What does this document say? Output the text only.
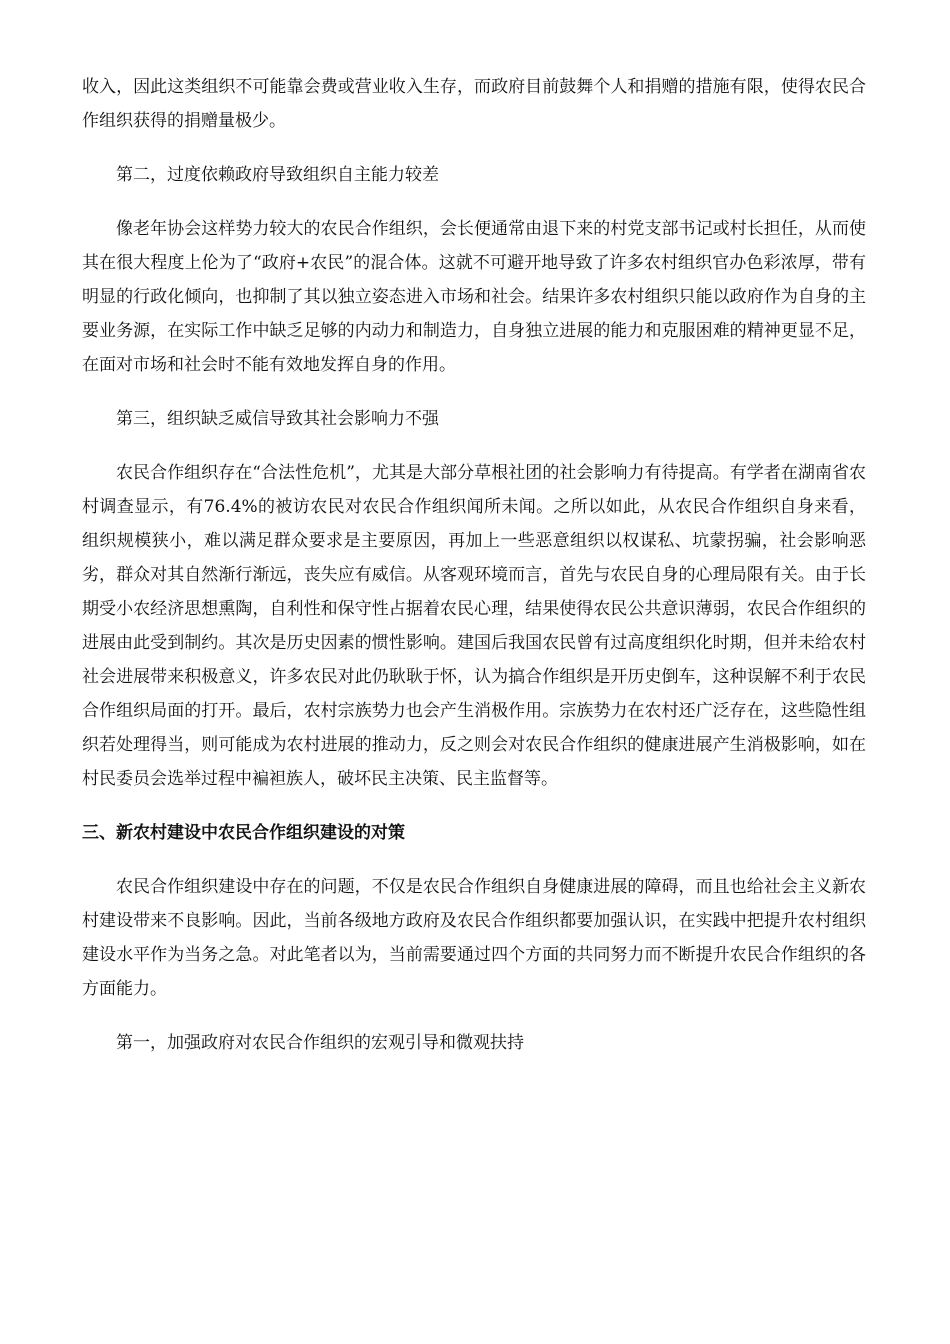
收入，因此这类组织不可能靠会费或营业收入生存，而政府目前鼓舞个人和捐赠的措施有限，使得农民合作组织获得的捐赠量极少。

第二，过度依赖政府导致组织自主能力较差

像老年协会这样势力较大的农民合作组织，会长便通常由退下来的村党支部书记或村长担任，从而使其在很大程度上伦为了“政府+农民”的混合体。这就不可避开地导致了许多农村组织官办色彩浓厚，带有明显的行政化倾向，也抑制了其以独立姿态进入市场和社会。结果许多农村组织只能以政府作为自身的主要业务源，在实际工作中缺乏足够的内动力和制造力，自身独立进展的能力和克服困难的精神更显不足，在面对市场和社会时不能有效地发挥自身的作用。

第三，组织缺乏威信导致其社会影响力不强

农民合作组织存在“合法性危机”，尤其是大部分草根社团的社会影响力有待提高。有学者在湖南省农村调查显示，有76.4%的被访农民对农民合作组织闻所未闻。之所以如此，从农民合作组织自身来看，组织规模狭小，难以满足群众要求是主要原因，再加上一些恶意组织以权谋私、坑蒙拐骗，社会影响恶劣，群众对其自然渐行渐远，丧失应有威信。从客观环境而言，首先与农民自身的心理局限有关。由于长期受小农经济思想熏陶，自利性和保守性占据着农民心理，结果使得农民公共意识薄弱，农民合作组织的进展由此受到制约。其次是历史因素的惯性影响。建国后我国农民曾有过高度组织化时期，但并未给农村社会进展带来积极意义，许多农民对此仍耿耿于怀，认为搞合作组织是开历史倒车，这种误解不利于农民合作组织局面的打开。最后，农村宗族势力也会产生消极作用。宗族势力在农村还广泛存在，这些隐性组织若处理得当，则可能成为农村进展的推动力，反之则会对农民合作组织的健康进展产生消极影响，如在村民委员会选举过程中褊袒族人，破坏民主决策、民主监督等。

三、新农村建设中农民合作组织建设的对策

农民合作组织建设中存在的问题，不仅是农民合作组织自身健康进展的障碍，而且也给社会主义新农村建设带来不良影响。因此，当前各级地方政府及农民合作组织都要加强认识，在实践中把提升农村组织建设水平作为当务之急。对此笔者以为，当前需要通过四个方面的共同努力而不断提升农民合作组织的各方面能力。

第一，加强政府对农民合作组织的宏观引导和微观扶持
